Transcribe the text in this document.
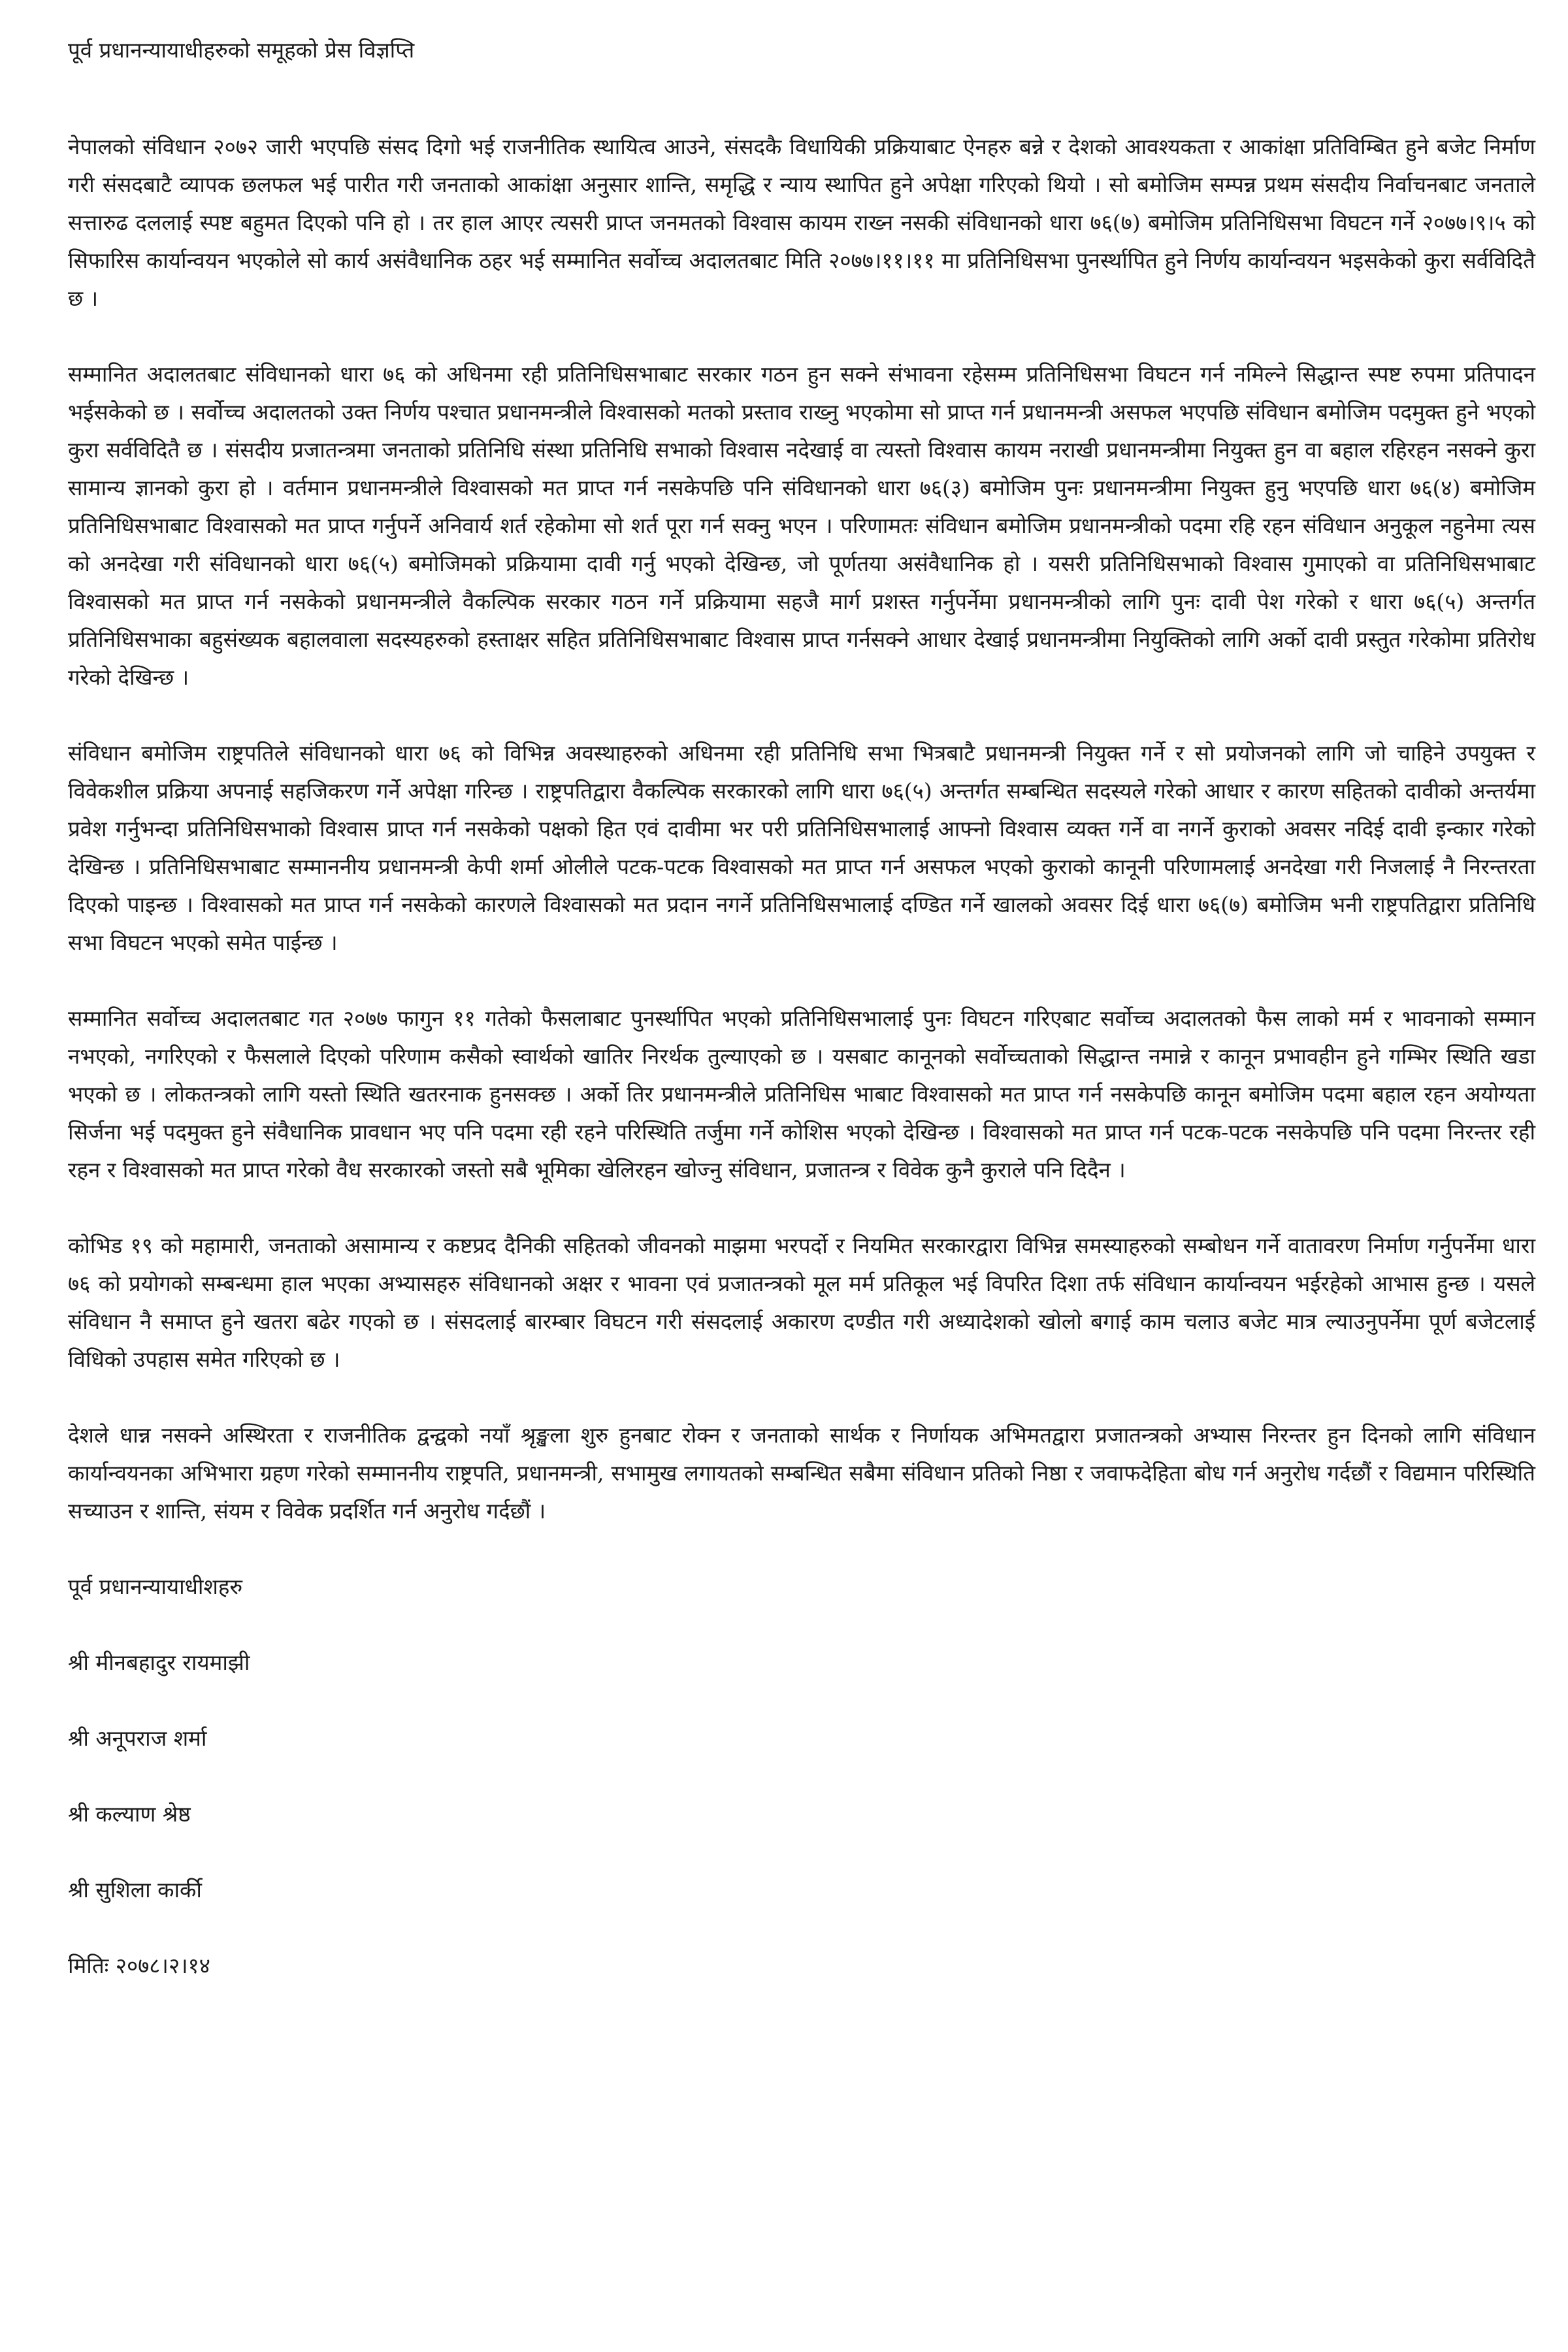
पूर्व प्रधानन्यायाधीहरुको समूहको प्रेस विज्ञप्ति

नेपालको संविधान २०७२ जारी भएपछि संसद दिगो भई राजनीतिक स्थायित्व आउने, संसदकै विधायिकी प्रक्रियाबाट ऐनहरु बन्ने र देशको आवश्यकता र आकांक्षा प्रतिविम्बित हुने बजेट निर्माण गरी संसदबाटै व्यापक छलफल भई पारीत गरी जनताको आकांक्षा अनुसार शान्ति, समृद्धि र न्याय स्थापित हुने अपेक्षा गरिएको थियो । सो बमोजिम सम्पन्न प्रथम संसदीय निर्वाचनबाट जनताले सत्तारुढ दललाई स्पष्ट बहुमत दिएको पनि हो । तर हाल आएर त्यसरी प्राप्त जनमतको विश्वास कायम राख्न नसकी संविधानको धारा ७६(७) बमोजिम प्रतिनिधिसभा विघटन गर्ने २०७७।९।५ को सिफारिस कार्यान्वयन भएकोले सो कार्य असंवैधानिक ठहर भई सम्मानित सर्वोच्च अदालतबाट मिति २०७७।११।११ मा प्रतिनिधिसभा पुनर्स्थापित हुने निर्णय कार्यान्वयन भइसकेको कुरा सर्वविदितै छ ।

सम्मानित अदालतबाट संविधानको धारा ७६ को अधिनमा रही प्रतिनिधिसभाबाट सरकार गठन हुन सक्ने संभावना रहेसम्म प्रतिनिधिसभा विघटन गर्न नमिल्ने सिद्धान्त स्पष्ट रुपमा प्रतिपादन भईसकेको छ । सर्वोच्च अदालतको उक्त निर्णय पश्चात प्रधानमन्त्रीले विश्वासको मतको प्रस्ताव राख्नु भएकोमा सो प्राप्त गर्न प्रधानमन्त्री असफल भएपछि संविधान बमोजिम पदमुक्त हुने भएको कुरा सर्वविदितै छ । संसदीय प्रजातन्त्रमा जनताको प्रतिनिधि संस्था प्रतिनिधि सभाको विश्वास नदेखाई वा त्यस्तो विश्वास कायम नराखी प्रधानमन्त्रीमा नियुक्त हुन वा बहाल रहिरहन नसक्ने कुरा सामान्य ज्ञानको कुरा हो । वर्तमान प्रधानमन्त्रीले विश्वासको मत प्राप्त गर्न नसकेपछि पनि संविधानको धारा ७६(३) बमोजिम पुनः प्रधानमन्त्रीमा नियुक्त हुनु भएपछि धारा ७६(४) बमोजिम प्रतिनिधिसभाबाट विश्वासको मत प्राप्त गर्नुपर्ने अनिवार्य शर्त रहेकोमा सो शर्त पूरा गर्न सक्नु भएन । परिणामतः संविधान बमोजिम प्रधानमन्त्रीको पदमा रहि रहन संविधान अनुकूल नहुनेमा त्यस को अनदेखा गरी संविधानको धारा ७६(५) बमोजिमको प्रक्रियामा दावी गर्नु भएको देखिन्छ, जो पूर्णतया असंवैधानिक हो । यसरी प्रतिनिधिसभाको विश्वास गुमाएको वा प्रतिनिधिसभाबाट विश्वासको मत प्राप्त गर्न नसकेको प्रधानमन्त्रीले वैकल्पिक सरकार गठन गर्ने प्रक्रियामा सहजै मार्ग प्रशस्त गर्नुपर्नेमा प्रधानमन्त्रीको लागि पुनः दावी पेश गरेको र धारा ७६(५) अन्तर्गत प्रतिनिधिसभाका बहुसंख्यक बहालवाला सदस्यहरुको हस्ताक्षर सहित प्रतिनिधिसभाबाट विश्वास प्राप्त गर्नसक्ने आधार देखाई प्रधानमन्त्रीमा नियुक्तिको लागि अर्को दावी प्रस्तुत गरेकोमा प्रतिरोध गरेको देखिन्छ ।

संविधान बमोजिम राष्ट्रपतिले संविधानको धारा ७६ को विभिन्न अवस्थाहरुको अधिनमा रही प्रतिनिधि सभा भित्रबाटै प्रधानमन्त्री नियुक्त गर्ने र सो प्रयोजनको लागि जो चाहिने उपयुक्त र विवेकशील प्रक्रिया अपनाई सहजिकरण गर्ने अपेक्षा गरिन्छ । राष्ट्रपतिद्वारा वैकल्पिक सरकारको लागि धारा ७६(५) अन्तर्गत सम्बन्धित सदस्यले गरेको आधार र कारण सहितको दावीको अन्तर्यमा प्रवेश गर्नुभन्दा प्रतिनिधिसभाको विश्वास प्राप्त गर्न नसकेको पक्षको हित एवं दावीमा भर परी प्रतिनिधिसभालाई आफ्नो विश्वास व्यक्त गर्ने वा नगर्ने कुराको अवसर नदिई दावी इन्कार गरेको देखिन्छ । प्रतिनिधिसभाबाट सम्माननीय प्रधानमन्त्री केपी शर्मा ओलीले पटक-पटक विश्वासको मत प्राप्त गर्न असफल भएको कुराको कानूनी परिणामलाई अनदेखा गरी निजलाई नै निरन्तरता दिएको पाइन्छ । विश्वासको मत प्राप्त गर्न नसकेको कारणले विश्वासको मत प्रदान नगर्ने प्रतिनिधिसभालाई दण्डित गर्ने खालको अवसर दिई धारा ७६(७) बमोजिम भनी राष्ट्रपतिद्वारा प्रतिनिधि सभा विघटन भएको समेत पाईन्छ ।

सम्मानित सर्वोच्च अदालतबाट गत २०७७ फागुन ११ गतेको फैसलाबाट पुनर्स्थापित भएको प्रतिनिधिसभालाई पुनः विघटन गरिएबाट सर्वोच्च अदालतको फैस लाको मर्म र भावनाको सम्मान नभएको, नगरिएको र फैसलाले दिएको परिणाम कसैको स्वार्थको खातिर निरर्थक तुल्याएको छ । यसबाट कानूनको सर्वोच्चताको सिद्धान्त नमान्ने र कानून प्रभावहीन हुने गम्भिर स्थिति खडा भएको छ । लोकतन्त्रको लागि यस्तो स्थिति खतरनाक हुनसक्छ । अर्को तिर प्रधानमन्त्रीले प्रतिनिधिस भाबाट विश्वासको मत प्राप्त गर्न नसकेपछि कानून बमोजिम पदमा बहाल रहन अयोग्यता सिर्जना भई पदमुक्त हुने संवैधानिक प्रावधान भए पनि पदमा रही रहने परिस्थिति तर्जुमा गर्ने कोशिस भएको देखिन्छ । विश्वासको मत प्राप्त गर्न पटक-पटक नसकेपछि पनि पदमा निरन्तर रही रहन र विश्वासको मत प्राप्त गरेको वैध सरकारको जस्तो सबै भूमिका खेलिरहन खोज्नु संविधान, प्रजातन्त्र र विवेक कुनै कुराले पनि दिदैन ।

कोभिड १९ को महामारी, जनताको असामान्य र कष्टप्रद दैनिकी सहितको जीवनको माझमा भरपर्दो र नियमित सरकारद्वारा विभिन्न समस्याहरुको सम्बोधन गर्ने वातावरण निर्माण गर्नुपर्नेमा धारा ७६ को प्रयोगको सम्बन्धमा हाल भएका अभ्यासहरु संविधानको अक्षर र भावना एवं प्रजातन्त्रको मूल मर्म प्रतिकूल भई विपरित दिशा तर्फ संविधान कार्यान्वयन भईरहेको आभास हुन्छ । यसले संविधान नै समाप्त हुने खतरा बढेर गएको छ । संसदलाई बारम्बार विघटन गरी संसदलाई अकारण दण्डीत गरी अध्यादेशको खोलो बगाई काम चलाउ बजेट मात्र ल्याउनुपर्नेमा पूर्ण बजेटलाई विधिको उपहास समेत गरिएको छ ।

देशले धान्न नसक्ने अस्थिरता र राजनीतिक द्वन्द्वको नयाँ श्रृङ्खला शुरु हुनबाट रोक्न र जनताको सार्थक र निर्णायक अभिमतद्वारा प्रजातन्त्रको अभ्यास निरन्तर हुन दिनको लागि संविधान कार्यान्वयनका अभिभारा ग्रहण गरेको सम्माननीय राष्ट्रपति, प्रधानमन्त्री, सभामुख लगायतको सम्बन्धित सबैमा संविधान प्रतिको निष्ठा र जवाफदेहिता बोध गर्न अनुरोध गर्दछौं र विद्यमान परिस्थिति सच्याउन र शान्ति, संयम र विवेक प्रदर्शित गर्न अनुरोध गर्दछौं ।

पूर्व प्रधानन्यायाधीशहरु
श्री मीनबहादुर रायमाझी
श्री अनूपराज शर्मा
श्री कल्याण श्रेष्ठ
श्री सुशिला कार्की
मितिः २०७८।२।१४
